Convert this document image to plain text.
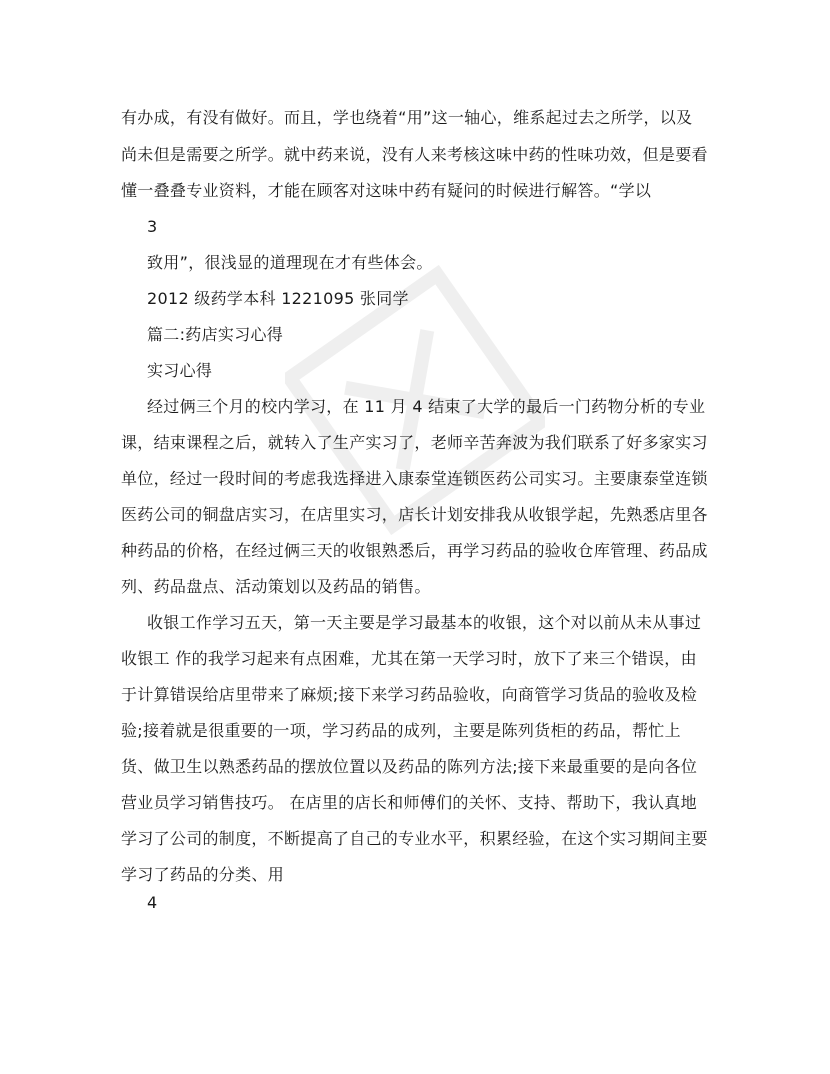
有办成，有没有做好。而且，学也绕着“用”这一轴心，维系起过去之所学，以及
尚未但是需要之所学。就中药来说，没有人来考核这味中药的性味功效，但是要看
懂一叠叠专业资料，才能在顾客对这味中药有疑问的时候进行解答。“学以
3
致用”，很浅显的道理现在才有些体会。
2012 级药学本科 1221095 张同学
篇二:药店实习心得
实习心得
经过俩三个月的校内学习，在 11 月 4 结束了大学的最后一门药物分析的专业
课，结束课程之后，就转入了生产实习了，老师辛苦奔波为我们联系了好多家实习
单位，经过一段时间的考虑我选择进入康泰堂连锁医药公司实习。主要康泰堂连锁
医药公司的铜盘店实习，在店里实习，店长计划安排我从收银学起，先熟悉店里各
种药品的价格，在经过俩三天的收银熟悉后，再学习药品的验收仓库管理、药品成
列、药品盘点、活动策划以及药品的销售。
收银工作学习五天，第一天主要是学习最基本的收银，这个对以前从未从事过
收银工 作的我学习起来有点困难，尤其在第一天学习时，放下了来三个错误，由
于计算错误给店里带来了麻烦;接下来学习药品验收，向商管学习货品的验收及检
验;接着就是很重要的一项，学习药品的成列，主要是陈列货柜的药品，帮忙上
货、做卫生以熟悉药品的摆放位置以及药品的陈列方法;接下来最重要的是向各位
营业员学习销售技巧。 在店里的店长和师傅们的关怀、支持、帮助下，我认真地
学习了公司的制度，不断提高了自己的专业水平，积累经验，在这个实习期间主要
学习了药品的分类、用
4
